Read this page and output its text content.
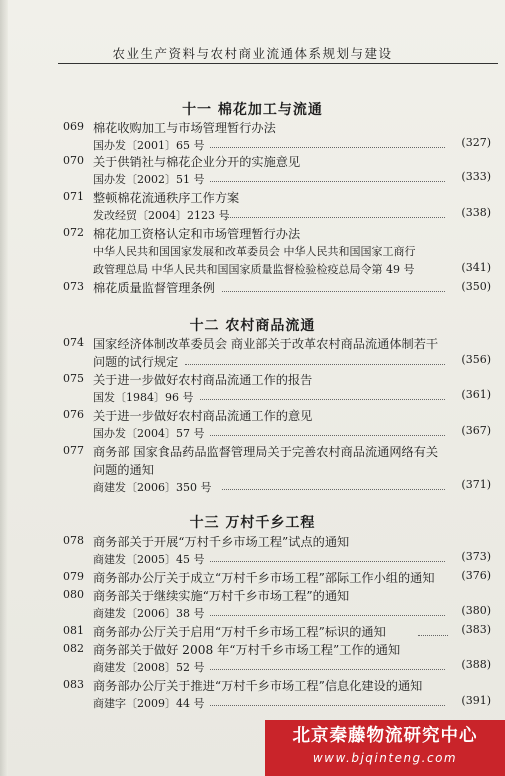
农业生产资料与农村商业流通体系规划与建设
十一 棉花加工与流通
069 棉花收购加工与市场管理暂行办法
国办发〔2001〕65 号	(327)
070 关于供销社与棉花企业分开的实施意见
国办发〔2002〕51 号	(333)
071 整顿棉花流通秩序工作方案
发改经贸〔2004〕2123 号	(338)
072 棉花加工资格认定和市场管理暂行办法
中华人民共和国国家发展和改革委员会 中华人民共和国国家工商行
政管理总局 中华人民共和国国家质量监督检验检疫总局令第 49 号	(341)
073 棉花质量监督管理条例	(350)
十二 农村商品流通
074 国家经济体制改革委员会 商业部关于改革农村商品流通体制若干
问题的试行规定	(356)
075 关于进一步做好农村商品流通工作的报告
国发〔1984〕96 号	(361)
076 关于进一步做好农村商品流通工作的意见
国办发〔2004〕57 号	(367)
077 商务部 国家食品药品监督管理局关于完善农村商品流通网络有关
问题的通知
商建发〔2006〕350 号	(371)
十三 万村千乡工程
078 商务部关于开展“万村千乡市场工程”试点的通知
商建发〔2005〕45 号	(373)
079 商务部办公厅关于成立“万村千乡市场工程”部际工作小组的通知 (376)
080 商务部关于继续实施“万村千乡市场工程”的通知
商建发〔2006〕38 号	(380)
081 商务部办公厅关于启用“万村千乡市场工程”标识的通知	(383)
082 商务部关于做好 2008 年“万村千乡市场工程”工作的通知
商建发〔2008〕52 号	(388)
083 商务部办公厅关于推进“万村千乡市场工程”信息化建设的通知
商建字〔2009〕44 号	(391)
北京秦藤物流研究中心
www.bjqinteng.com
